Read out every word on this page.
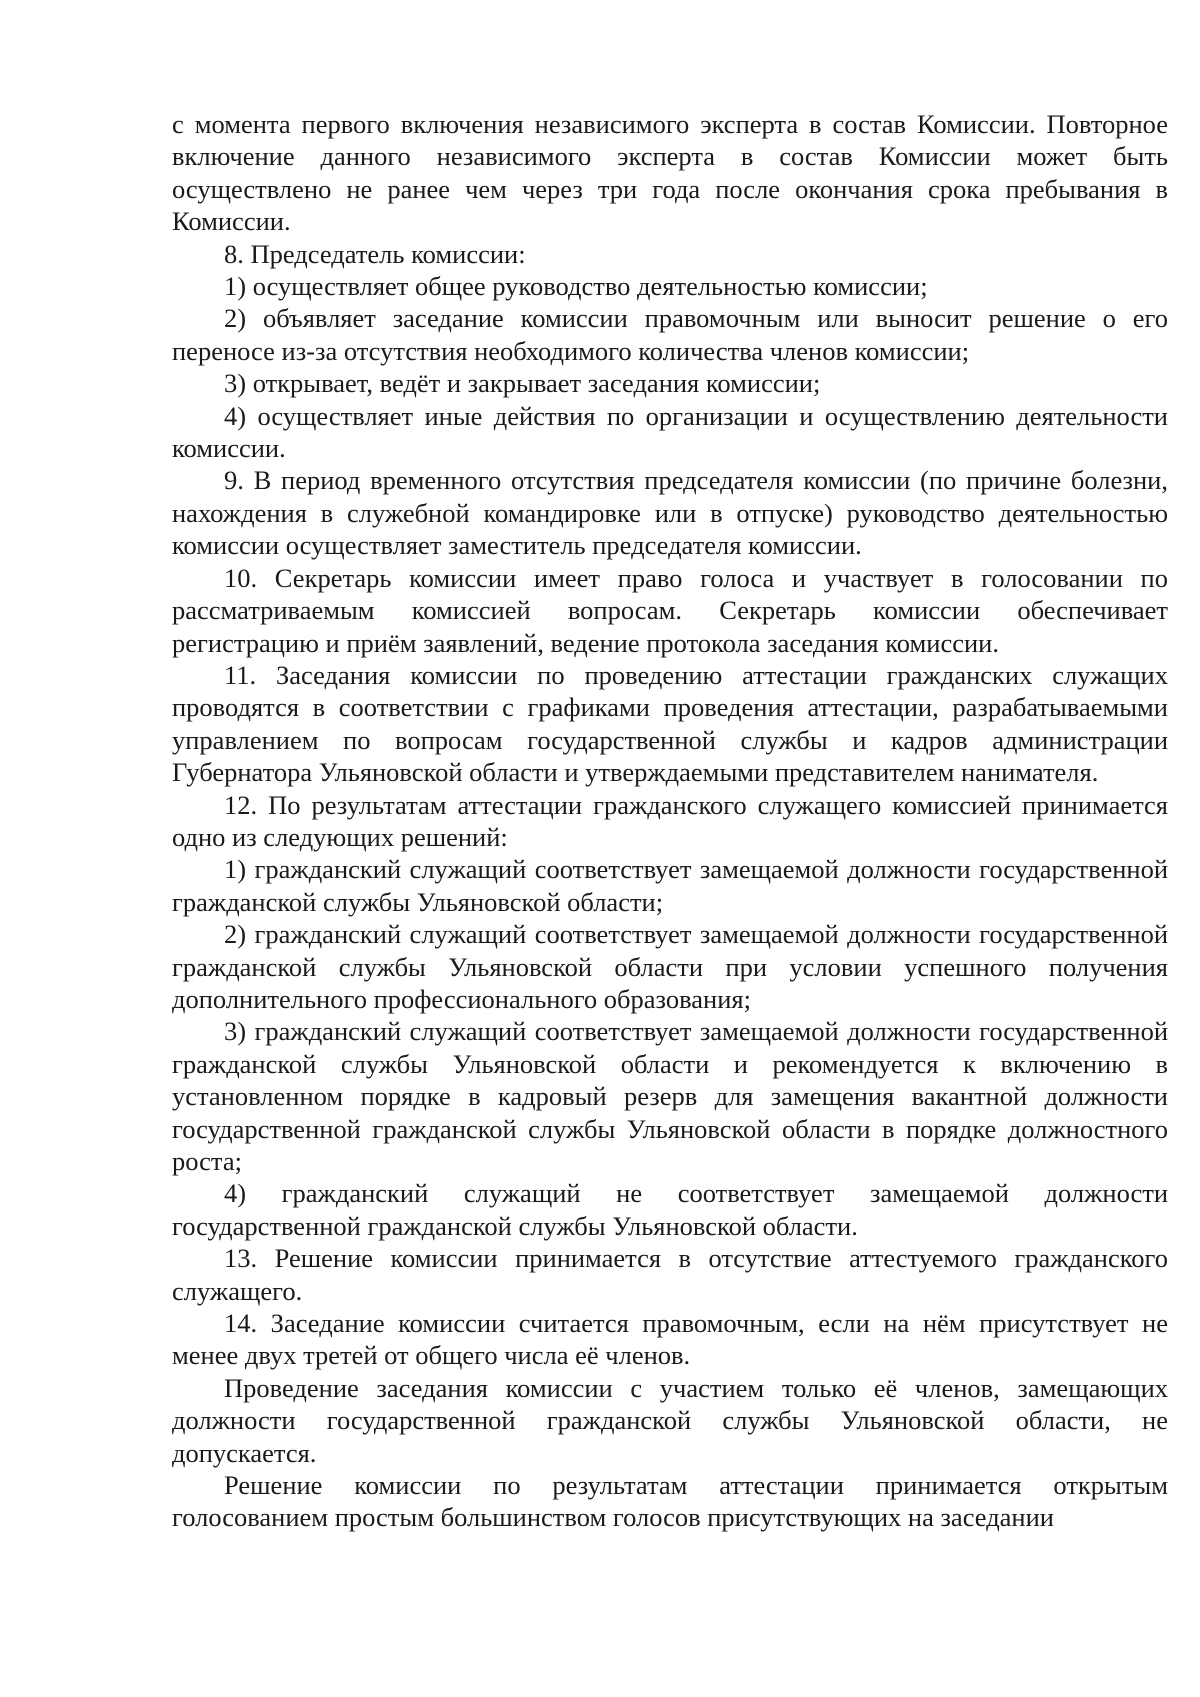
с момента первого включения независимого эксперта в состав Комиссии. Повторное включение данного независимого эксперта в состав Комиссии может быть осуществлено не ранее чем через три года после окончания срока пребывания в Комиссии.

8. Председатель комиссии:

1) осуществляет общее руководство деятельностью комиссии;

2) объявляет заседание комиссии правомочным или выносит решение о его переносе из-за отсутствия необходимого количества членов комиссии;

3) открывает, ведёт и закрывает заседания комиссии;

4) осуществляет иные действия по организации и осуществлению деятельности комиссии.

9. В период временного отсутствия председателя комиссии (по причине болезни, нахождения в служебной командировке или в отпуске) руководство деятельностью комиссии осуществляет заместитель председателя комиссии.

10. Секретарь комиссии имеет право голоса и участвует в голосовании по рассматриваемым комиссией вопросам. Секретарь комиссии обеспечивает регистрацию и приём заявлений, ведение протокола заседания комиссии.

11. Заседания комиссии по проведению аттестации гражданских служащих проводятся в соответствии с графиками проведения аттестации, разрабатываемыми управлением по вопросам государственной службы и кадров администрации Губернатора Ульяновской области и утверждаемыми представителем нанимателя.

12. По результатам аттестации гражданского служащего комиссией принимается одно из следующих решений:

1) гражданский служащий соответствует замещаемой должности государственной гражданской службы Ульяновской области;

2) гражданский служащий соответствует замещаемой должности государственной гражданской службы Ульяновской области при условии успешного получения дополнительного профессионального образования;

3) гражданский служащий соответствует замещаемой должности государственной гражданской службы Ульяновской области и рекомендуется к включению в установленном порядке в кадровый резерв для замещения вакантной должности государственной гражданской службы Ульяновской области в порядке должностного роста;

4) гражданский служащий не соответствует замещаемой должности государственной гражданской службы Ульяновской области.

13. Решение комиссии принимается в отсутствие аттестуемого гражданского служащего.

14. Заседание комиссии считается правомочным, если на нём присутствует не менее двух третей от общего числа её членов.

Проведение заседания комиссии с участием только её членов, замещающих должности государственной гражданской службы Ульяновской области, не допускается.

Решение комиссии по результатам аттестации принимается открытым голосованием простым большинством голосов присутствующих на заседании
